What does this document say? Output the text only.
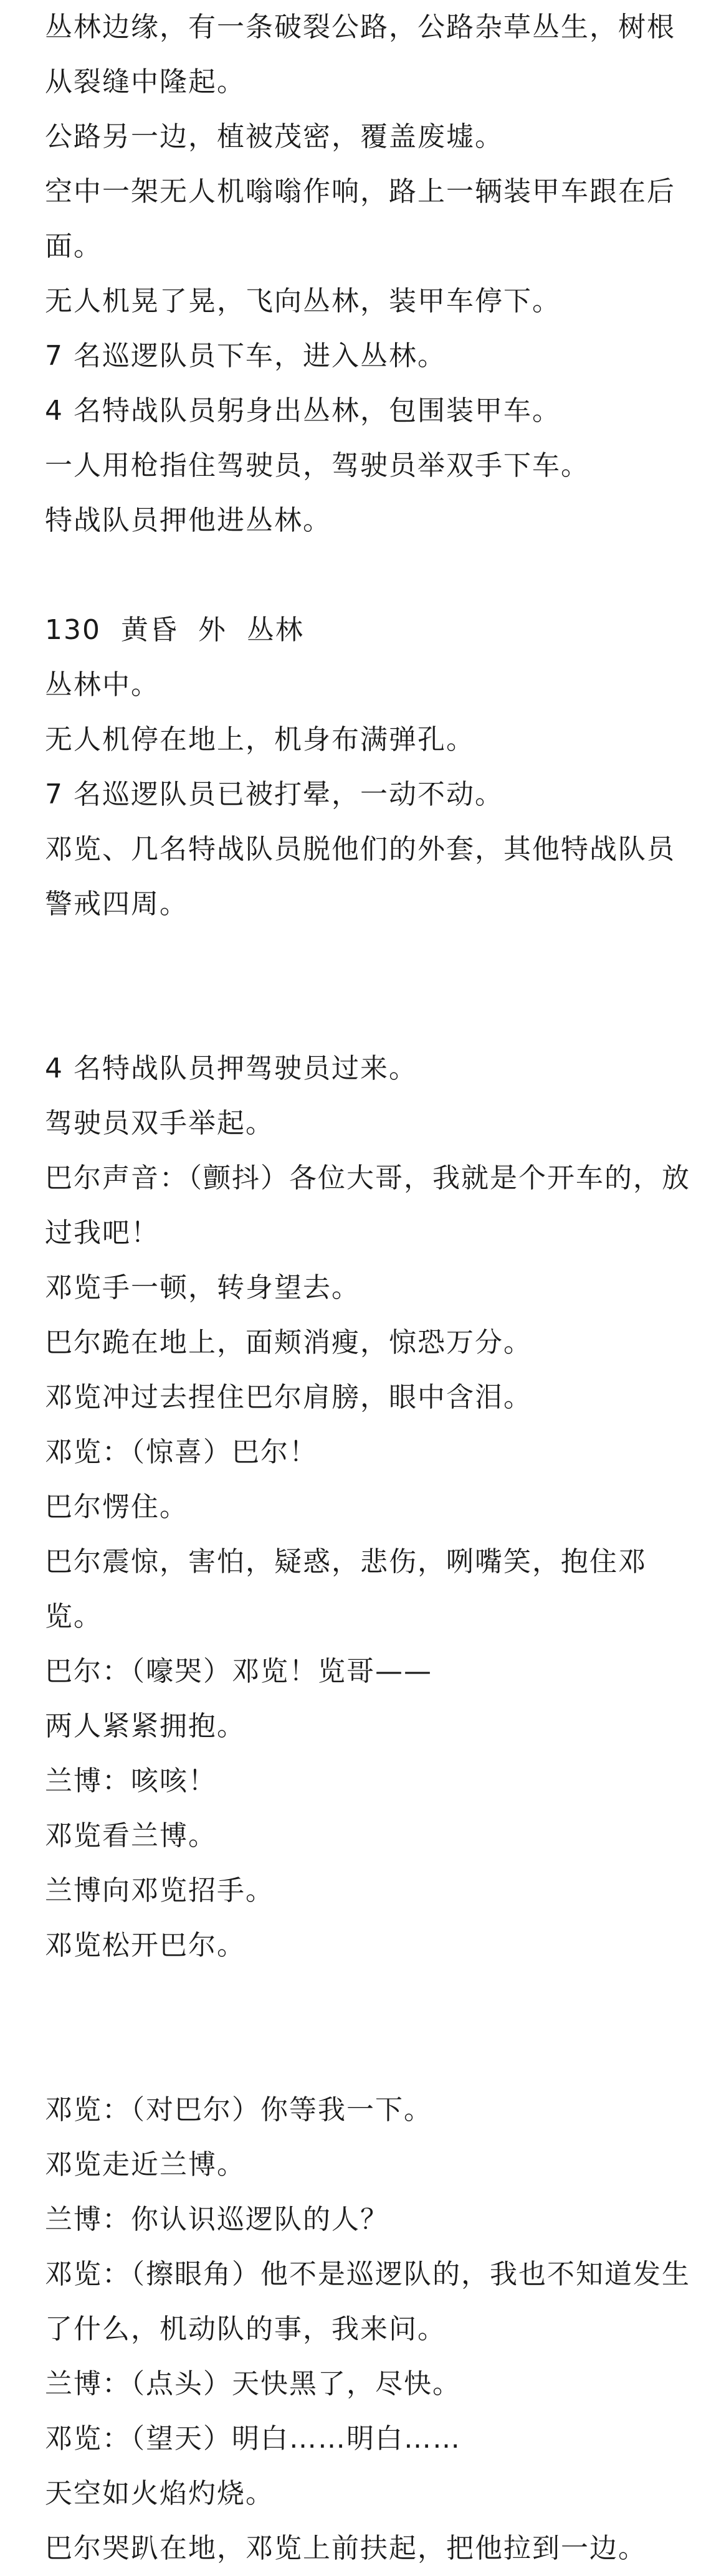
丛林边缘，有一条破裂公路，公路杂草丛生，树根从裂缝中隆起。

公路另一边，植被茂密，覆盖废墟。

空中一架无人机嗡嗡作响，路上一辆装甲车跟在后面。

无人机晃了晃，飞向丛林，装甲车停下。

7 名巡逻队员下车，进入丛林。

4 名特战队员躬身出丛林，包围装甲车。

一人用枪指住驾驶员，驾驶员举双手下车。

特战队员押他进丛林。

130  黄昏  外  丛林

丛林中。

无人机停在地上，机身布满弹孔。

7 名巡逻队员已被打晕，一动不动。

邓览、几名特战队员脱他们的外套，其他特战队员警戒四周。

4 名特战队员押驾驶员过来。

驾驶员双手举起。

巴尔声音：（颤抖）各位大哥，我就是个开车的，放过我吧！

邓览手一顿，转身望去。

巴尔跪在地上，面颊消瘦，惊恐万分。

邓览冲过去捏住巴尔肩膀，眼中含泪。

邓览：（惊喜）巴尔！

巴尔愣住。

巴尔震惊，害怕，疑惑，悲伤，咧嘴笑，抱住邓览。

巴尔：（嚎哭）邓览！览哥——

两人紧紧拥抱。

兰博：咳咳！

邓览看兰博。

兰博向邓览招手。

邓览松开巴尔。

邓览：（对巴尔）你等我一下。

邓览走近兰博。

兰博：你认识巡逻队的人？

邓览：（擦眼角）他不是巡逻队的，我也不知道发生了什么，机动队的事，我来问。

兰博：（点头）天快黑了，尽快。

邓览：（望天）明白……明白……

天空如火焰灼烧。

巴尔哭趴在地，邓览上前扶起，把他拉到一边。
